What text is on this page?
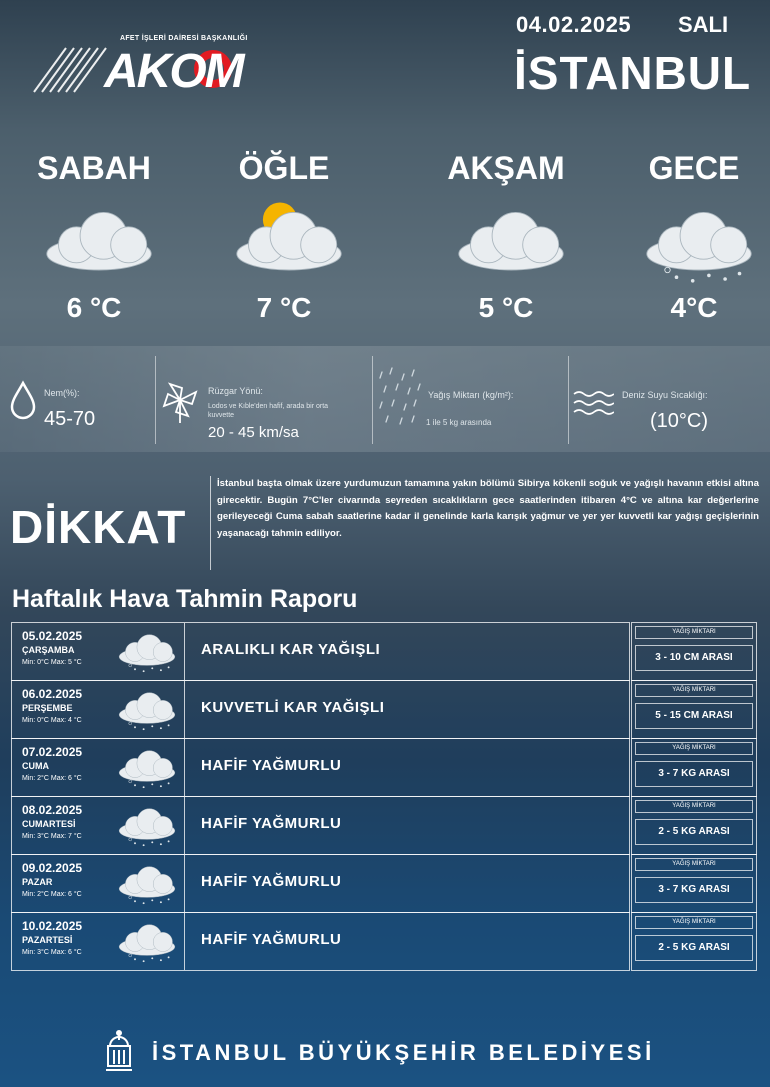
04.02.2025 SALI
İSTANBUL
AFET İŞLERİ DAİRESİ BAŞKANLIĞI
AKOM
SABAH
6 °C
ÖĞLE
7 °C
AKŞAM
5 °C
GECE
4°C
Nem(%):
45-70
Rüzgar Yönü:
Lodos ve Kıble'den hafif, arada bir orta kuvvette
20 - 45 km/sa
Yağış Miktarı (kg/m²):
1 ile 5 kg arasında
Deniz Suyu Sıcaklığı:
(10°C)
DİKKAT
İstanbul başta olmak üzere yurdumuzun tamamına yakın bölümü Sibirya kökenli soğuk ve yağışlı havanın etkisi altına girecektir. Bugün 7°C'ler civarında seyreden sıcaklıkların gece saatlerinden itibaren 4°C ve altına kar değerlerine gerileyeceği Cuma sabah saatlerine kadar il genelinde karla karışık yağmur ve yer yer kuvvetli kar yağışı geçişlerinin yaşanacağı tahmin ediliyor.
Haftalık Hava Tahmin Raporu
05.02.2025
ÇARŞAMBA
Min: 0°C Max: 5 °C
ARALIKLI KAR YAĞIŞLI
YAĞIŞ MİKTARI
3 - 10 CM ARASI
06.02.2025
PERŞEMBE
Min: 0°C Max: 4 °C
KUVVETLİ KAR YAĞIŞLI
YAĞIŞ MİKTARI
5 - 15 CM ARASI
07.02.2025
CUMA
Min: 2°C Max: 6 °C
HAFİF YAĞMURLU
YAĞIŞ MİKTARI
3 - 7 KG ARASI
08.02.2025
CUMARTESİ
Min: 3°C Max: 7 °C
HAFİF YAĞMURLU
YAĞIŞ MİKTARI
2 - 5 KG ARASI
09.02.2025
PAZAR
Min: 2°C Max: 6 °C
HAFİF YAĞMURLU
YAĞIŞ MİKTARI
3 - 7 KG ARASI
10.02.2025
PAZARTESİ
Min: 3°C Max: 6 °C
HAFİF YAĞMURLU
YAĞIŞ MİKTARI
2 - 5 KG ARASI
İSTANBUL BÜYÜKŞEHİR BELEDİYESİ
